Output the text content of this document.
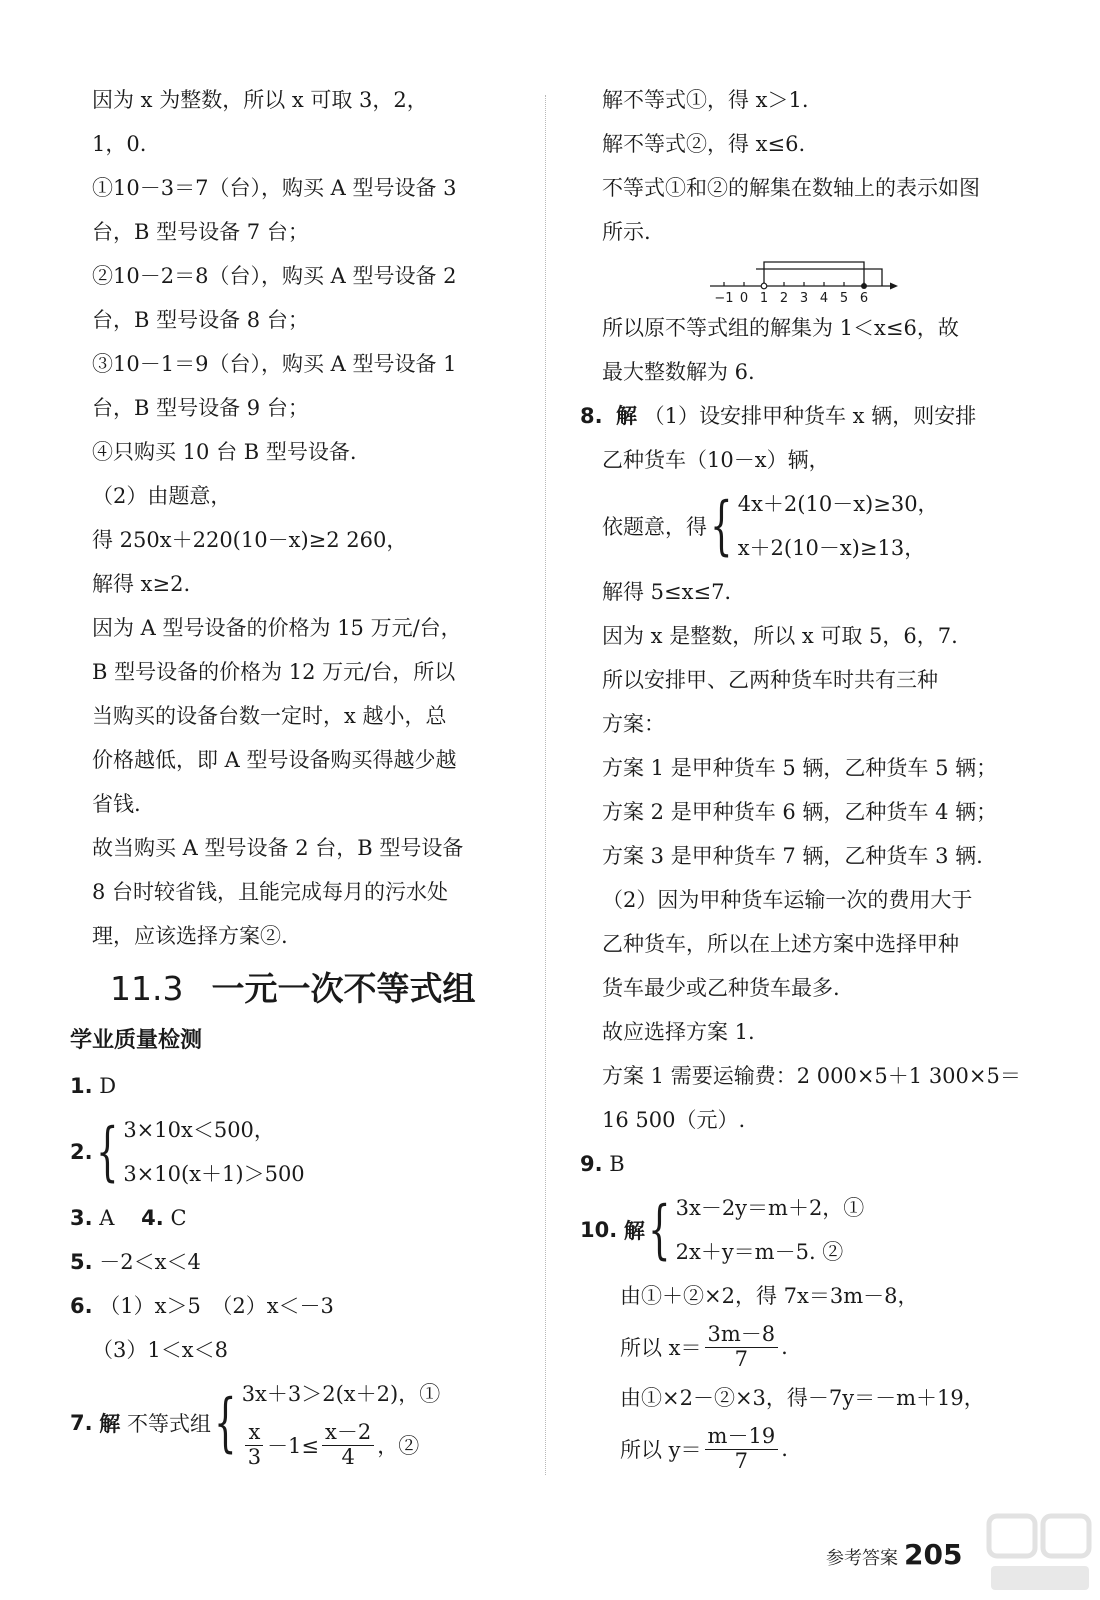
因为 x 为整数，所以 x 可取 3，2，
1，0.
①10－3＝7（台），购买 A 型号设备 3
台，B 型号设备 7 台；
②10－2＝8（台），购买 A 型号设备 2
台，B 型号设备 8 台；
③10－1＝9（台），购买 A 型号设备 1
台，B 型号设备 9 台；
④只购买 10 台 B 型号设备.
（2）由题意，
得 250x＋220(10－x)≥2 260，
解得 x≥2.
因为 A 型号设备的价格为 15 万元/台，
B 型号设备的价格为 12 万元/台，所以
当购买的设备台数一定时，x 越小，总
价格越低，即 A 型号设备购买得越少越
省钱.
故当购买 A 型号设备 2 台，B 型号设备
8 台时较省钱，且能完成每月的污水处
理，应该选择方案②.
11.3 一元一次不等式组
学业质量检测
1. D
2. { 3×10x＜500，
3×10(x＋1)＞500
3. A 4. C
5. －2＜x＜4
6. （1）x＞5　（2）x＜－3
（3）1＜x＜8
7.
解
不等式组 { 3x＋3＞2(x＋2)，①
$\frac{x}{3} -1\le \frac{x-2}{4}$ ，②
解不等式①，得 x＞1.
解不等式②，得 x≤6.
不等式①和②的解集在数轴上的表示如图
所示.
−1 0 1 2 3 4 5 6
所以原不等式组的解集为 1＜x≤6，故
最大整数解为 6.
8. 解 （1）设安排甲种货车 x 辆，则安排
乙种货车（10－x）辆，
依题意，得 { 4x＋2(10－x)≥30，
x＋2(10－x)≥13，
解得 5≤x≤7.
因为 x 是整数，所以 x 可取 5，6，7.
所以安排甲、乙两种货车时共有三种
方案：
方案 1 是甲种货车 5 辆，乙种货车 5 辆；
方案 2 是甲种货车 6 辆，乙种货车 4 辆；
方案 3 是甲种货车 7 辆，乙种货车 3 辆.
（2）因为甲种货车运输一次的费用大于
乙种货车，所以在上述方案中选择甲种
货车最少或乙种货车最多.
故应选择方案 1.
方案 1 需要运输费：2 000×5＋1 300×5＝
16 500（元）.
9. B
10.
解 { 3x－2y＝m＋2，①
2x＋y＝m－5. ②
由①＋②×2，得 7x＝3m－8，
所以 $x= \frac{3m-8}{7}$ .
由①×2－②×3，得－7y＝－m＋19，
所以 $y= \frac{m-19}{7}$ .
参考答案 205
